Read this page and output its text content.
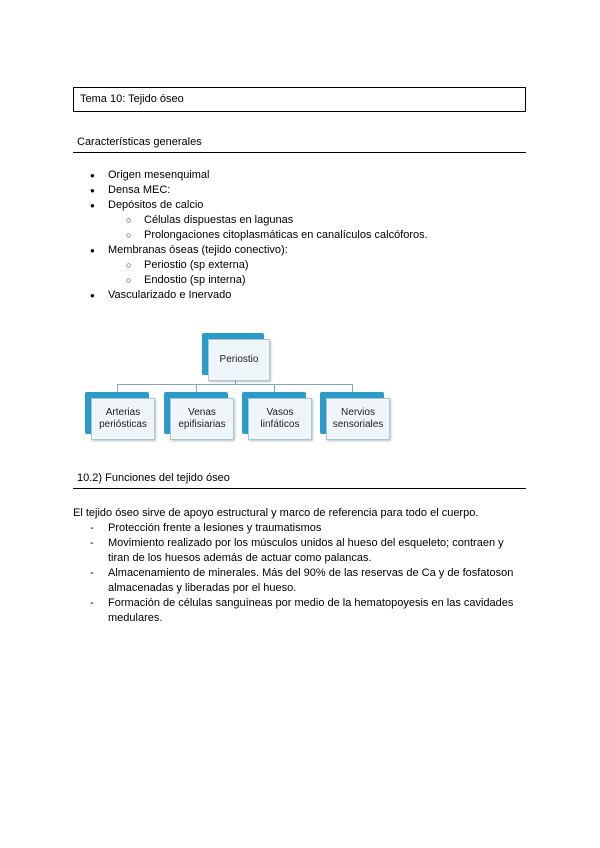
Tema 10: Tejido óseo
Características generales
● Origen mesenquimal
● Densa MEC:
● Depósitos de calcio
○ Células dispuestas en lagunas
○ Prolongaciones citoplasmáticas en canalículos calcóforos.
● Membranas óseas (tejido conectivo):
○ Periostio (sp externa)
○ Endostio (sp interna)
● Vascularizado e Inervado
Periostio
Arterias periósticas
Venas epifisiarias
Vasos linfáticos
Nervios sensoriales
10.2) Funciones del tejido óseo
El tejido óseo sirve de apoyo estructural y marco de referencia para todo el cuerpo.
- Protección frente a lesiones y traumatismos
- Movimiento realizado por los músculos unidos al hueso del esqueleto; contraen y tiran de los huesos además de actuar como palancas.
- Almacenamiento de minerales. Más del 90% de las reservas de Ca y de fosfatoson almacenadas y liberadas por el hueso.
- Formación de células sanguíneas por medio de la hematopoyesis en las cavidades medulares.
